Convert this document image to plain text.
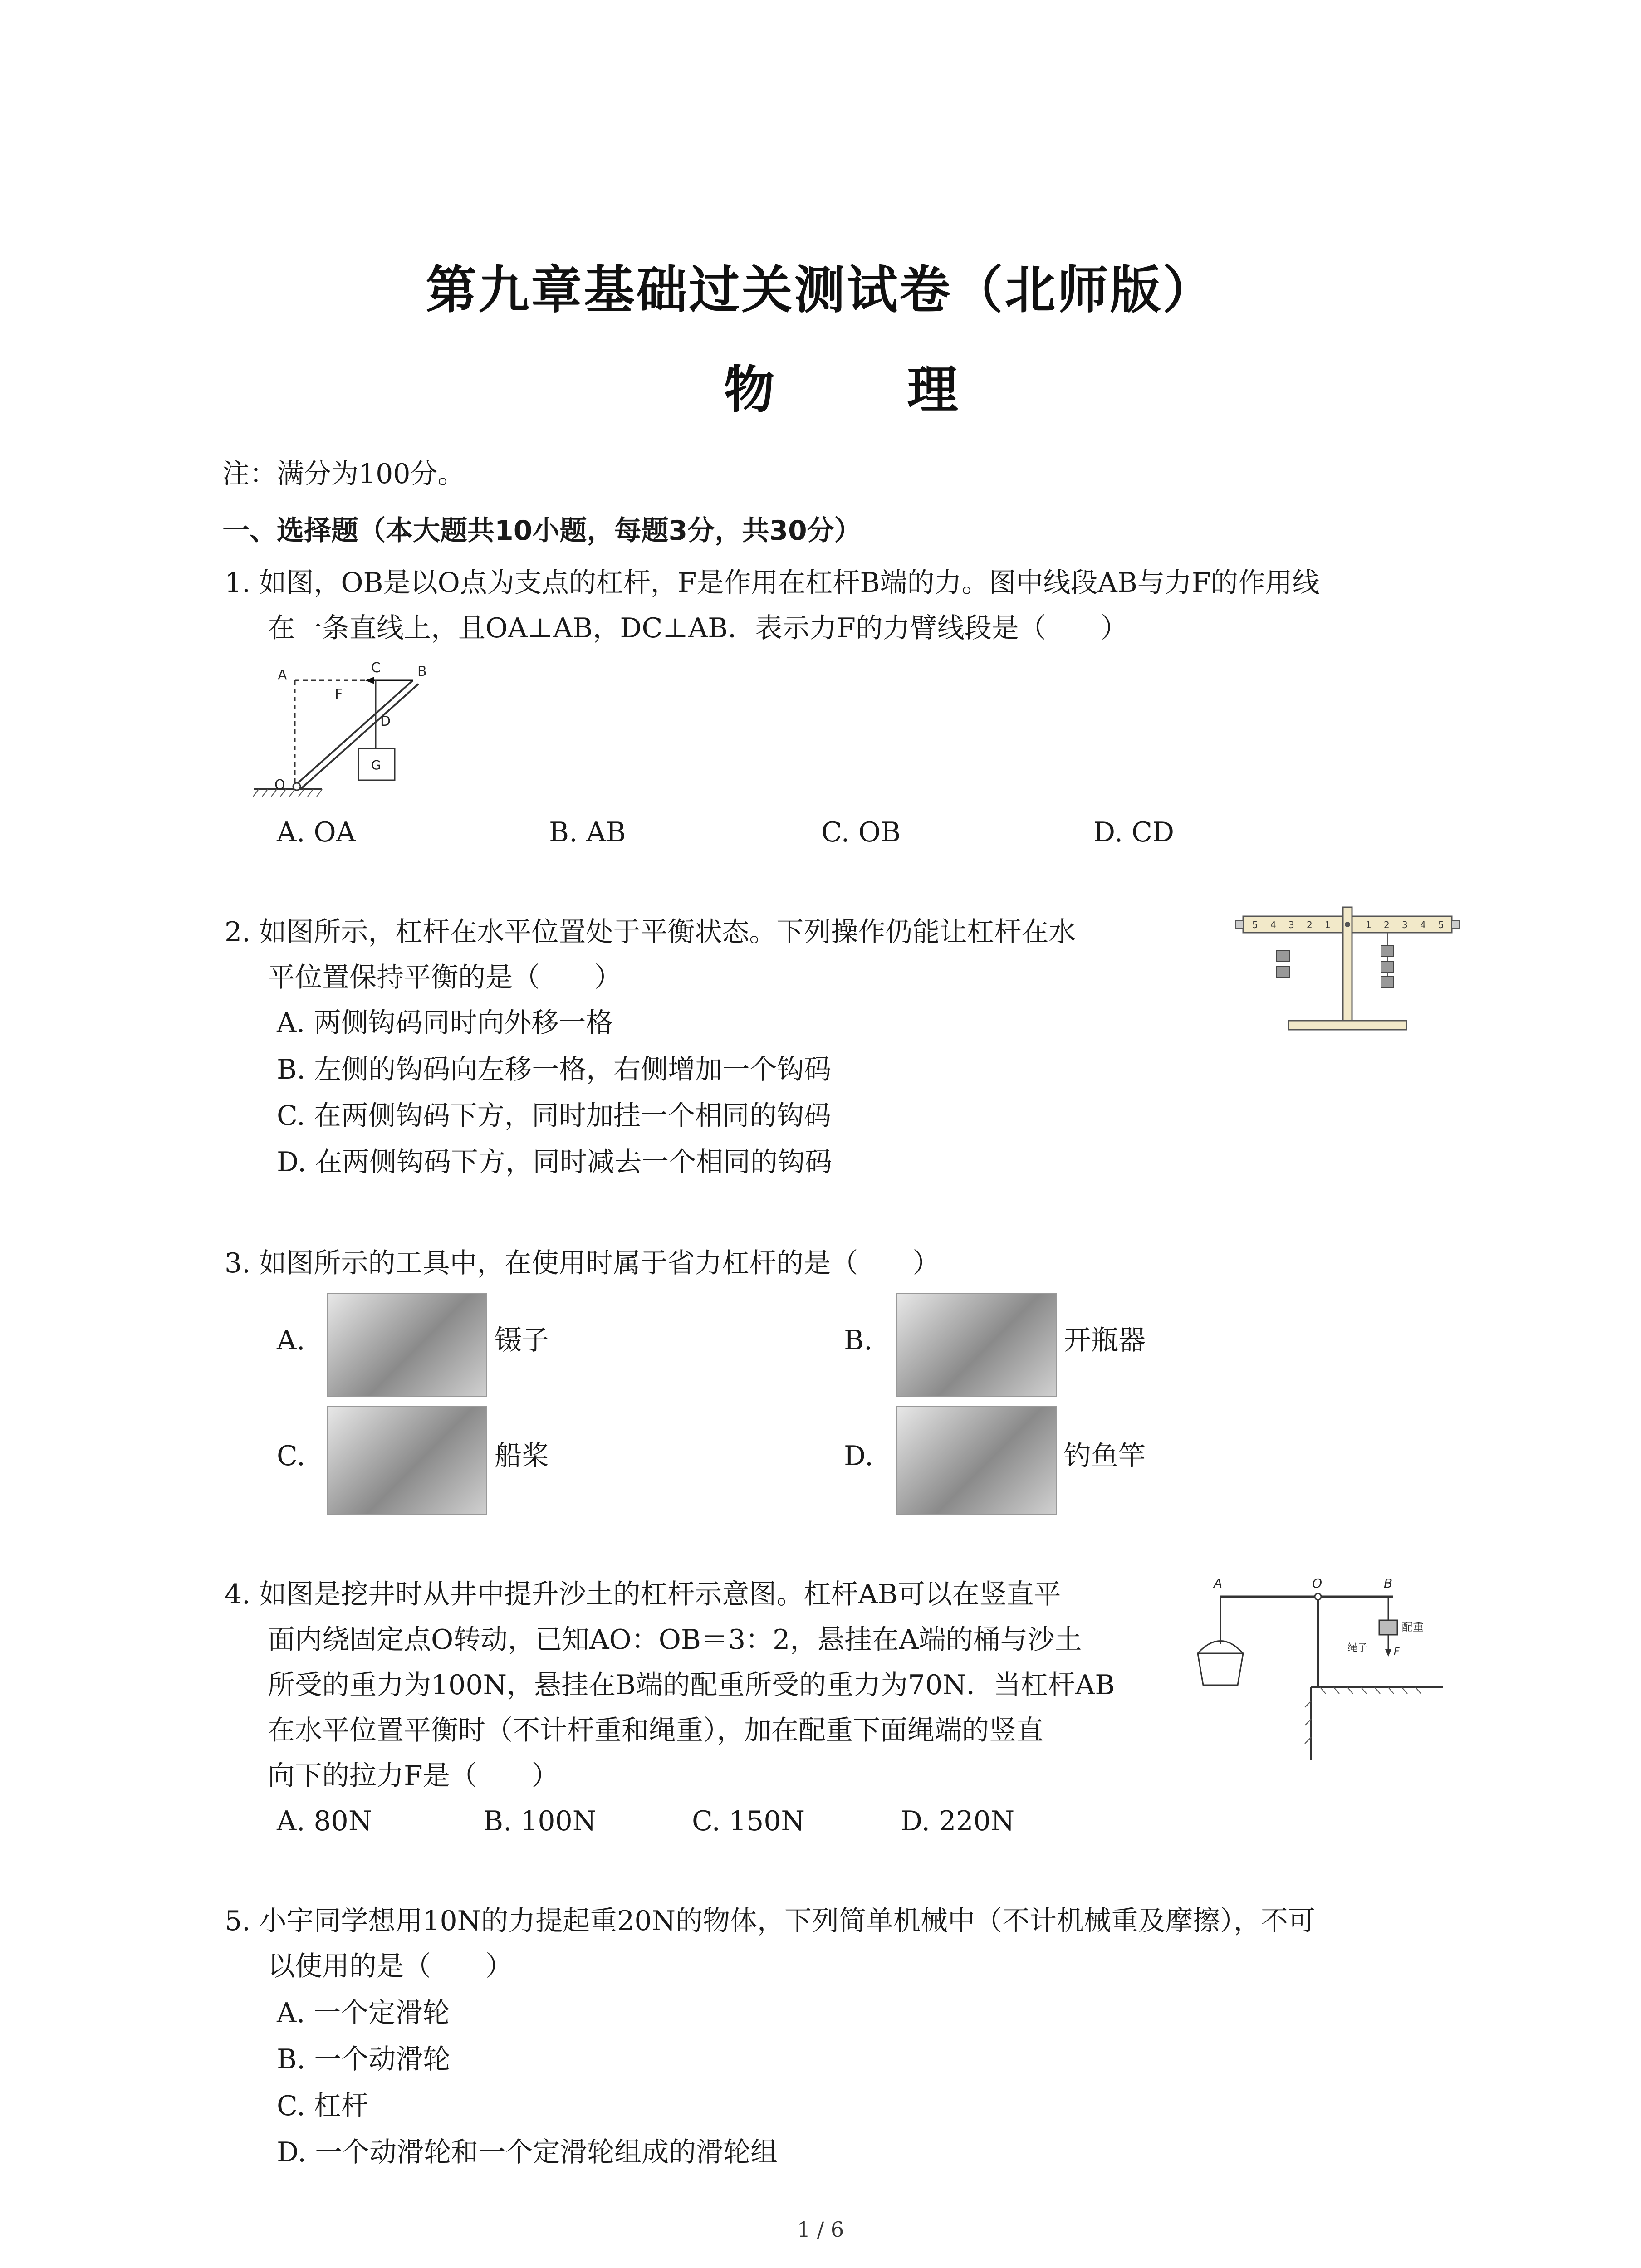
第九章基础过关测试卷（北师版）
物　理
注：满分为100分。
一、选择题（本大题共10小题，每题3分，共30分）
1. 如图，OB是以O点为支点的杠杆，F是作用在杠杆B端的力。图中线段AB与力F的作用线
在一条直线上，且OA⊥AB，DC⊥AB．表示力F的力臂线段是（　　）
A	B
C
D
F
O
G
A. OA	B. AB	C. OB	D. CD
2. 如图所示，杠杆在水平位置处于平衡状态。下列操作仍能让杠杆在水
平位置保持平衡的是（　　）
5 4 3 2 1	1 2 3 4 5
A. 两侧钩码同时向外移一格
B. 左侧的钩码向左移一格，右侧增加一个钩码
C. 在两侧钩码下方，同时加挂一个相同的钩码
D. 在两侧钩码下方，同时减去一个相同的钩码
3. 如图所示的工具中，在使用时属于省力杠杆的是（　　）
A.	镊子	B.	开瓶器
C.	船桨	D.	钓鱼竿
4. 如图是挖井时从井中提升沙土的杠杆示意图。杠杆AB可以在竖直平
面内绕固定点O转动，已知AO：OB＝3：2，悬挂在A端的桶与沙土
所受的重力为100N，悬挂在B端的配重所受的重力为70N．当杠杆AB
在水平位置平衡时（不计杆重和绳重），加在配重下面绳端的竖直
向下的拉力F是（　　）
A	O	B
配重
绳子	F
A. 80N	B. 100N	C. 150N	D. 220N
5. 小宇同学想用10N的力提起重20N的物体，下列简单机械中（不计机械重及摩擦），不可
以使用的是（　　）
A. 一个定滑轮
B. 一个动滑轮
C. 杠杆
D. 一个动滑轮和一个定滑轮组成的滑轮组
1 / 6
